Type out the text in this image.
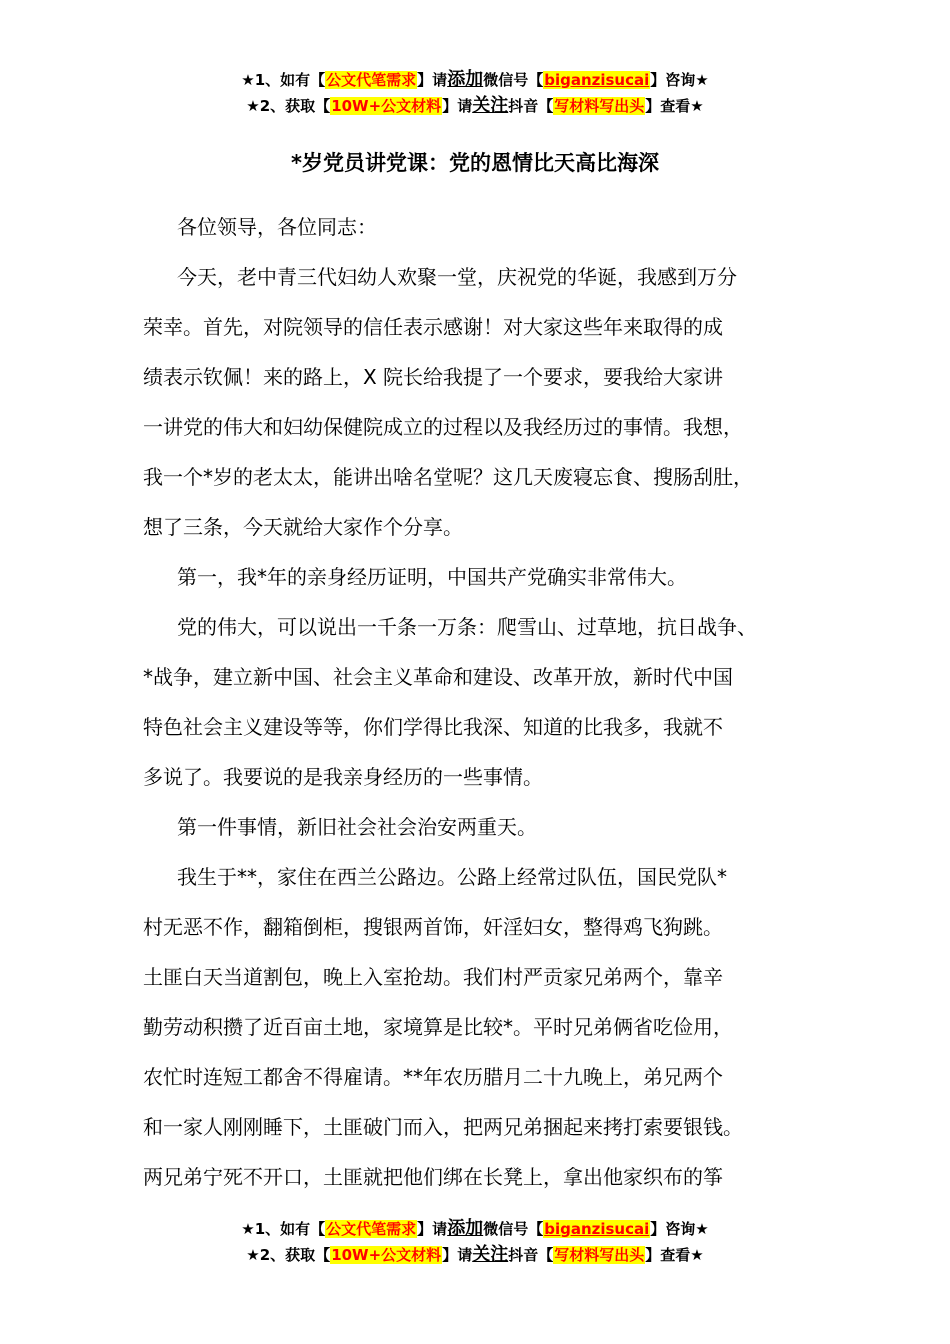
★1、如有【公文代笔需求】请添加微信号【biganzisucai】咨询★
★2、获取【10W+公文材料】请关注抖音【写材料写出头】查看★
*岁党员讲党课：党的恩情比天高比海深
各位领导，各位同志：
今天，老中青三代妇幼人欢聚一堂，庆祝党的华诞，我感到万分
荣幸。首先，对院领导的信任表示感谢！对大家这些年来取得的成
绩表示钦佩！来的路上，X 院长给我提了一个要求，要我给大家讲
一讲党的伟大和妇幼保健院成立的过程以及我经历过的事情。我想，
我一个*岁的老太太，能讲出啥名堂呢？这几天废寝忘食、搜肠刮肚，
想了三条，今天就给大家作个分享。
第一，我*年的亲身经历证明，中国共产党确实非常伟大。
党的伟大，可以说出一千条一万条：爬雪山、过草地，抗日战争、
*战争，建立新中国、社会主义革命和建设、改革开放，新时代中国
特色社会主义建设等等，你们学得比我深、知道的比我多，我就不
多说了。我要说的是我亲身经历的一些事情。
第一件事情，新旧社会社会治安两重天。
我生于**，家住在西兰公路边。公路上经常过队伍，国民党队*
村无恶不作，翻箱倒柜，搜银两首饰，奸淫妇女，整得鸡飞狗跳。
土匪白天当道割包，晚上入室抢劫。我们村严贡家兄弟两个，靠辛
勤劳动积攒了近百亩土地，家境算是比较*。平时兄弟俩省吃俭用，
农忙时连短工都舍不得雇请。**年农历腊月二十九晚上，弟兄两个
和一家人刚刚睡下，土匪破门而入，把两兄弟捆起来拷打索要银钱。
两兄弟宁死不开口，土匪就把他们绑在长凳上，拿出他家织布的筝
★1、如有【公文代笔需求】请添加微信号【biganzisucai】咨询★
★2、获取【10W+公文材料】请关注抖音【写材料写出头】查看★
